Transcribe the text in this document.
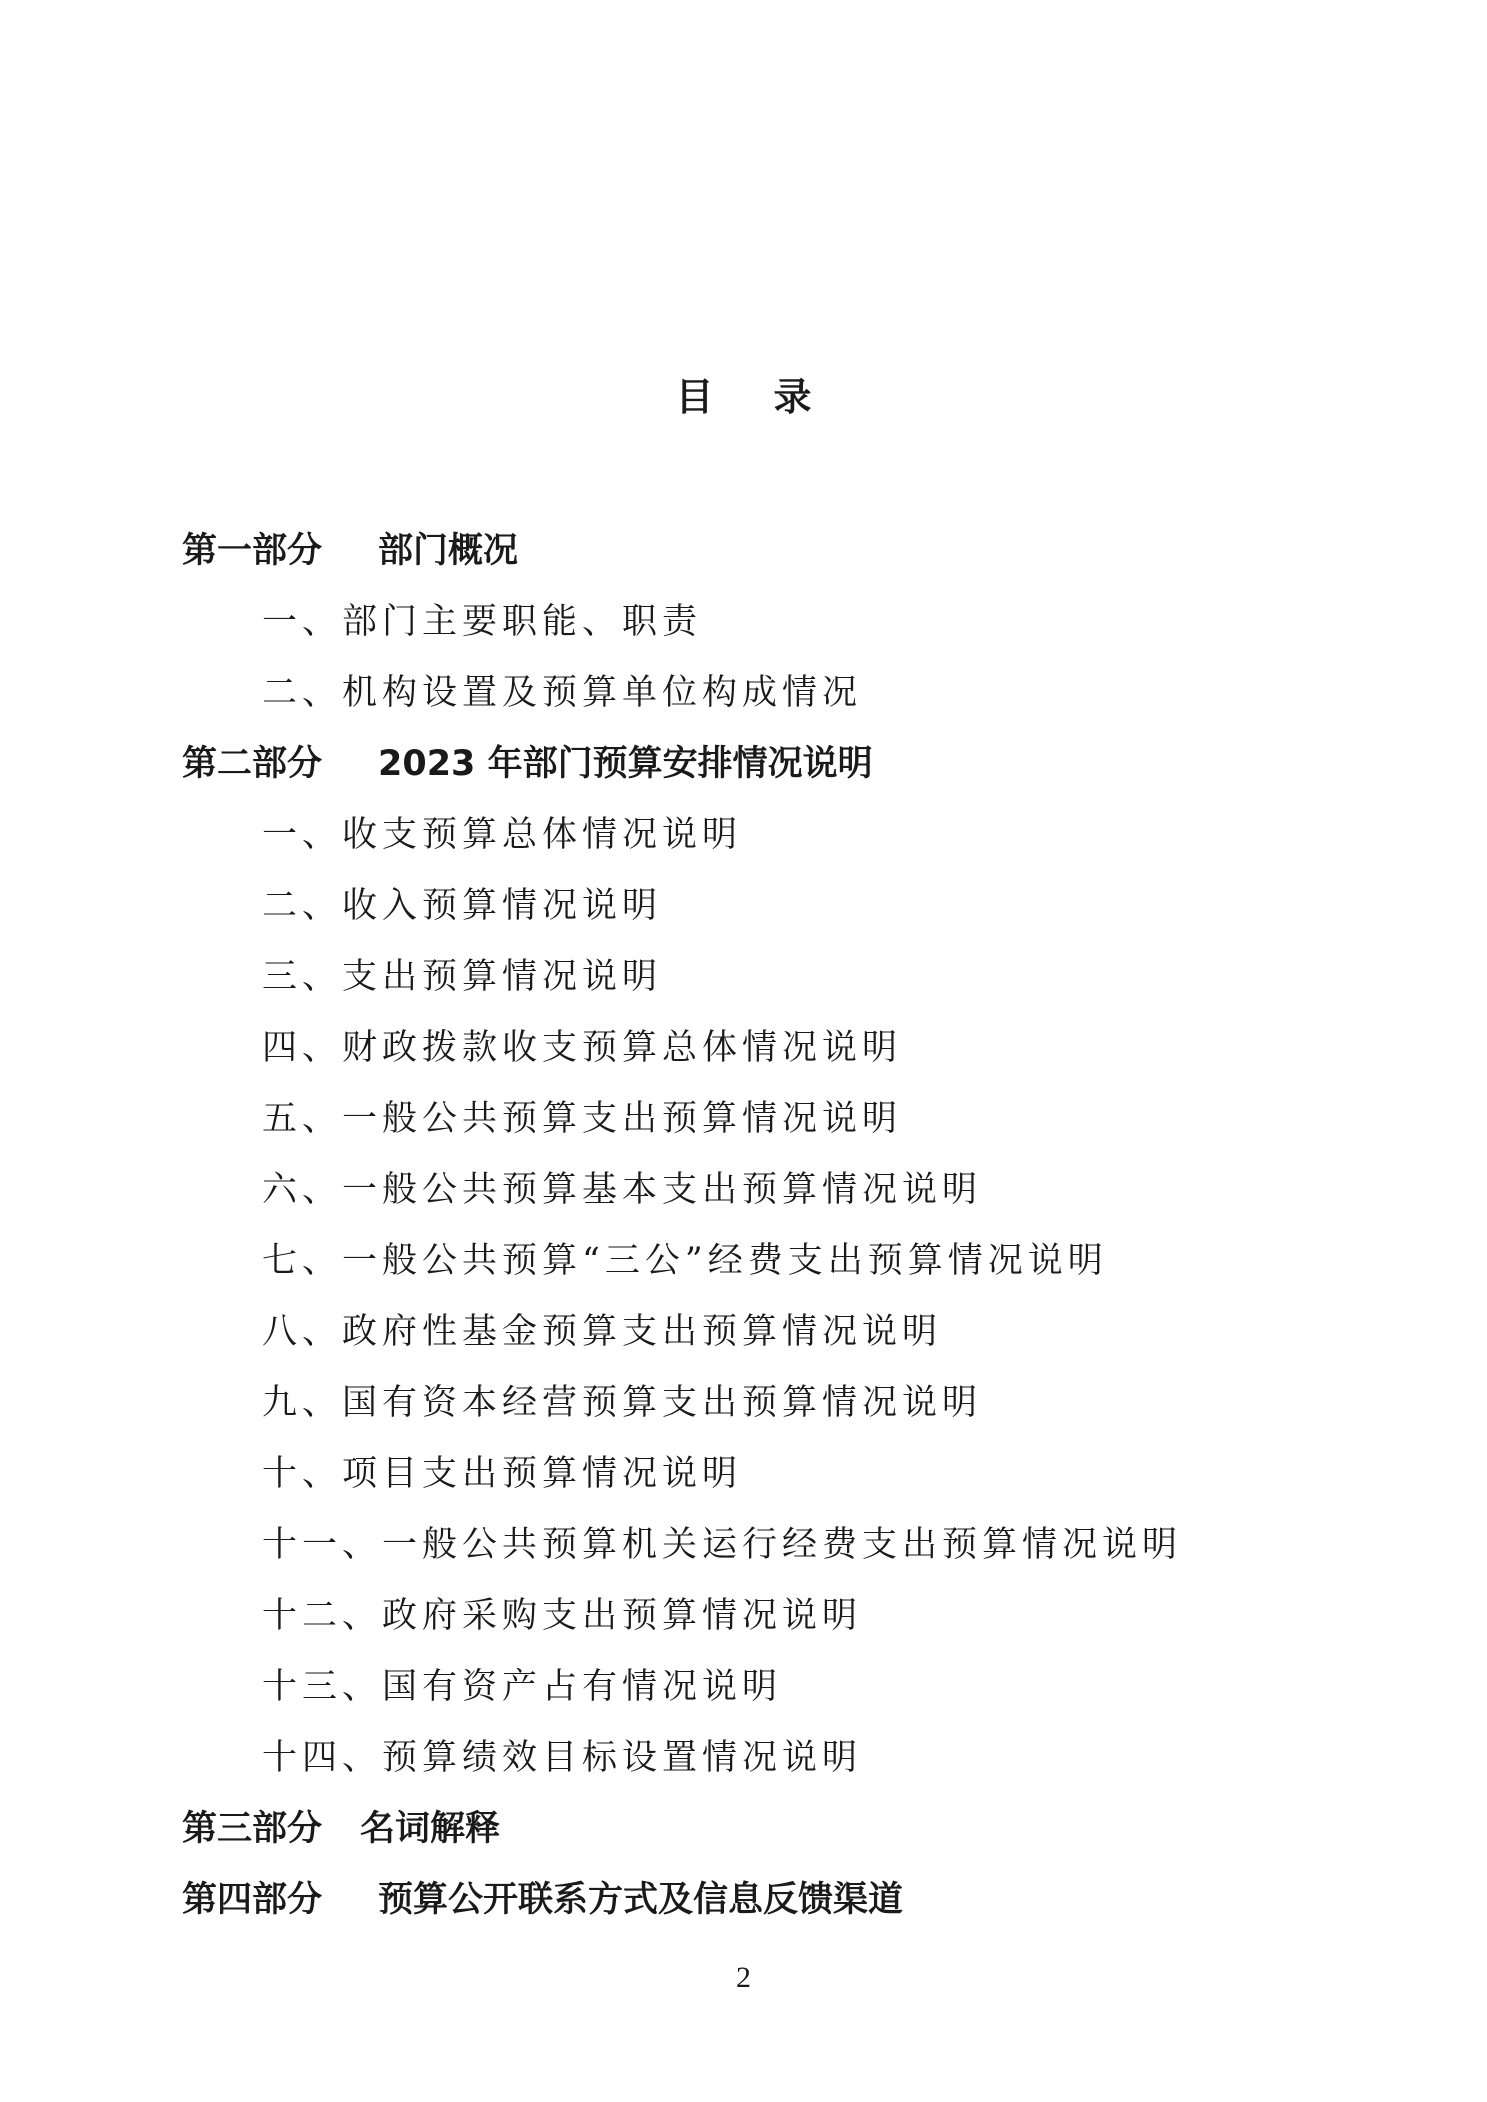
目录
第一部分 部门概况
一、部门主要职能、职责
二、机构设置及预算单位构成情况
第二部分 2023 年部门预算安排情况说明
一、收支预算总体情况说明
二、收入预算情况说明
三、支出预算情况说明
四、财政拨款收支预算总体情况说明
五、一般公共预算支出预算情况说明
六、一般公共预算基本支出预算情况说明
七、一般公共预算“三公”经费支出预算情况说明
八、政府性基金预算支出预算情况说明
九、国有资本经营预算支出预算情况说明
十、项目支出预算情况说明
十一、一般公共预算机关运行经费支出预算情况说明
十二、政府采购支出预算情况说明
十三、国有资产占有情况说明
十四、预算绩效目标设置情况说明
第三部分 名词解释
第四部分 预算公开联系方式及信息反馈渠道
2
